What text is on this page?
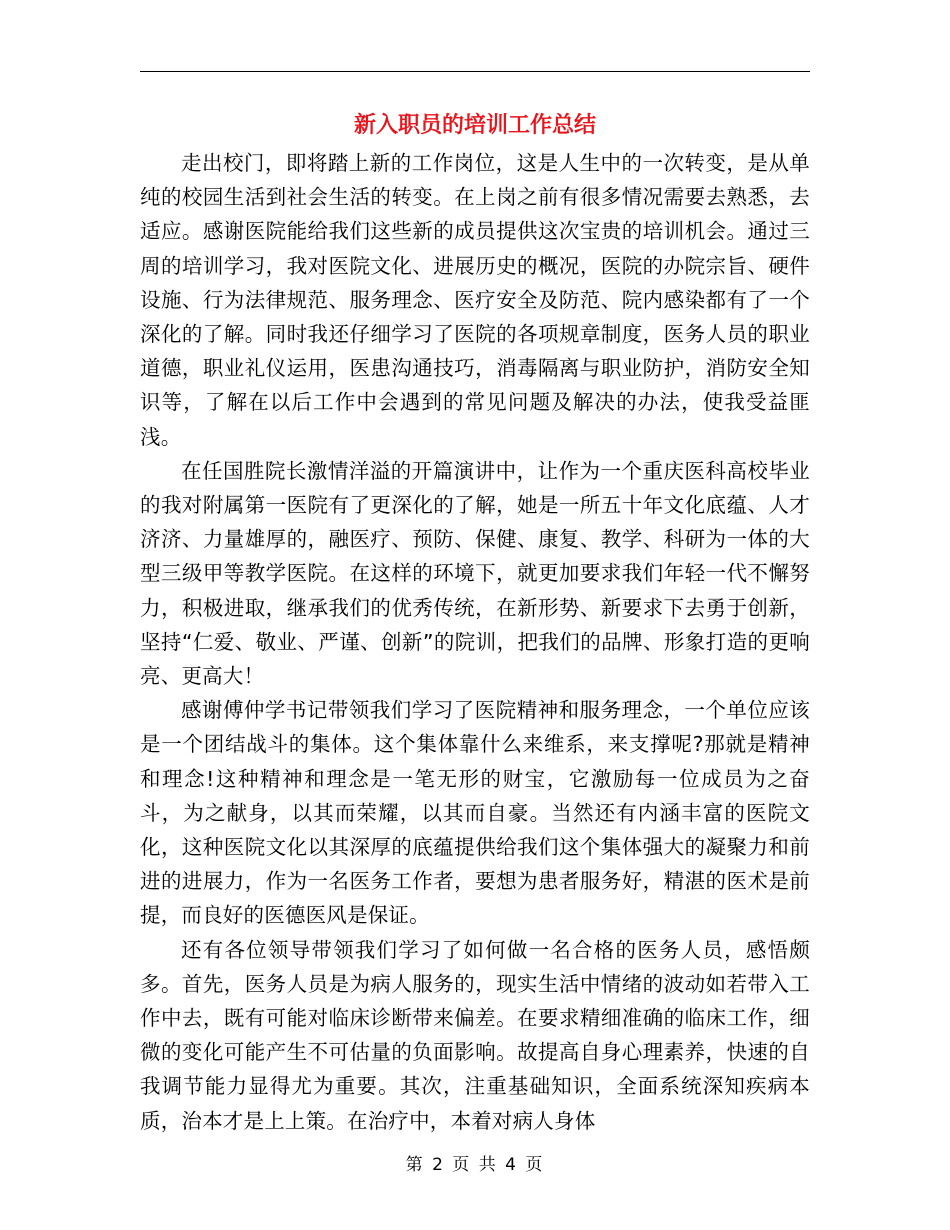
新入职员的培训工作总结

走出校门，即将踏上新的工作岗位，这是人生中的一次转变，是从单纯的校园生活到社会生活的转变。在上岗之前有很多情况需要去熟悉，去适应。感谢医院能给我们这些新的成员提供这次宝贵的培训机会。通过三周的培训学习，我对医院文化、进展历史的概况，医院的办院宗旨、硬件设施、行为法律规范、服务理念、医疗安全及防范、院内感染都有了一个深化的了解。同时我还仔细学习了医院的各项规章制度，医务人员的职业道德，职业礼仪运用，医患沟通技巧，消毒隔离与职业防护，消防安全知识等，了解在以后工作中会遇到的常见问题及解决的办法，使我受益匪浅。

在任国胜院长激情洋溢的开篇演讲中，让作为一个重庆医科高校毕业的我对附属第一医院有了更深化的了解，她是一所五十年文化底蕴、人才济济、力量雄厚的，融医疗、预防、保健、康复、教学、科研为一体的大型三级甲等教学医院。在这样的环境下，就更加要求我们年轻一代不懈努力，积极进取，继承我们的优秀传统，在新形势、新要求下去勇于创新，坚持“仁爱、敬业、严谨、创新”的院训，把我们的品牌、形象打造的更响亮、更高大！

感谢傅仲学书记带领我们学习了医院精神和服务理念，一个单位应该是一个团结战斗的集体。这个集体靠什么来维系，来支撑呢?那就是精神和理念!这种精神和理念是一笔无形的财宝，它激励每一位成员为之奋斗，为之献身，以其而荣耀，以其而自豪。当然还有内涵丰富的医院文化，这种医院文化以其深厚的底蕴提供给我们这个集体强大的凝聚力和前进的进展力，作为一名医务工作者，要想为患者服务好，精湛的医术是前提，而良好的医德医风是保证。

还有各位领导带领我们学习了如何做一名合格的医务人员，感悟颇多。首先，医务人员是为病人服务的，现实生活中情绪的波动如若带入工作中去，既有可能对临床诊断带来偏差。在要求精细准确的临床工作，细微的变化可能产生不可估量的负面影响。故提高自身心理素养，快速的自我调节能力显得尤为重要。其次，注重基础知识，全面系统深知疾病本质，治本才是上上策。在治疗中，本着对病人身体

第 2 页 共 4 页
